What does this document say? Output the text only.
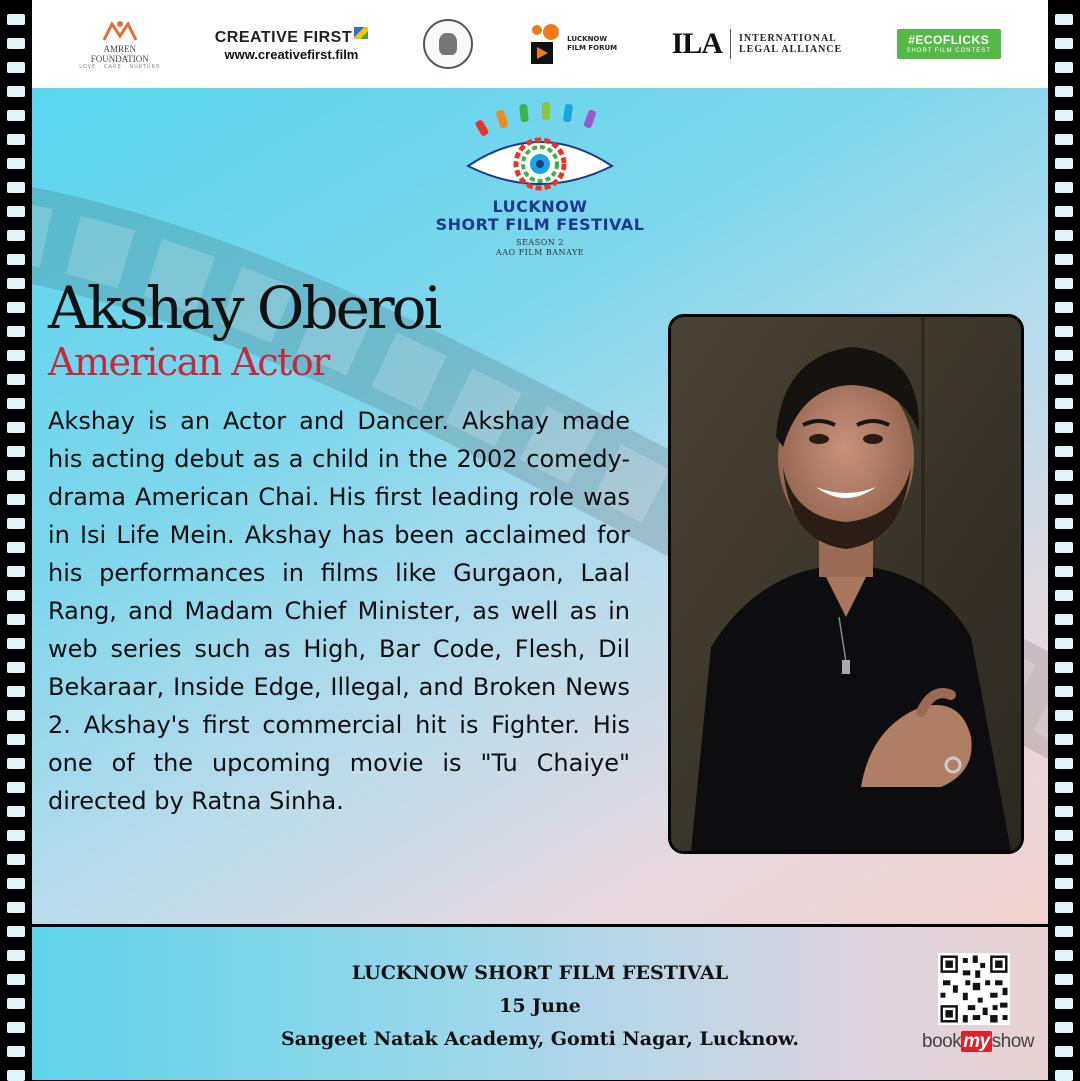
AMREN
FOUNDATION
LOVE · CARE · NURTURE
CREATIVE FIRST
www.creativefirst.film
LUCKNOW
FILM FORUM ILA INTERNATIONAL
LEGAL ALLIANCE
#ECOFLICKS
SHORT FILM CONTEST
LUCKNOW
SHORT FILM FESTIVAL
SEASON 2
AAO FILM BANAYE
Akshay Oberoi
American Actor

Akshay is an Actor and Dancer. Akshay made his acting debut as a child in the 2002 comedy-drama American Chai. His first leading role was in Isi Life Mein. Akshay has been acclaimed for his performances in films like Gurgaon, Laal Rang, and Madam Chief Minister, as well as in web series such as High, Bar Code, Flesh, Dil Bekaraar, Inside Edge, Illegal, and Broken News 2. Akshay's first commercial hit is Fighter. His one of the upcoming movie is "Tu Chaiye" directed by Ratna Sinha.

LUCKNOW SHORT FILM FESTIVAL
15 June
Sangeet Natak Academy, Gomti Nagar, Lucknow.	book my show
